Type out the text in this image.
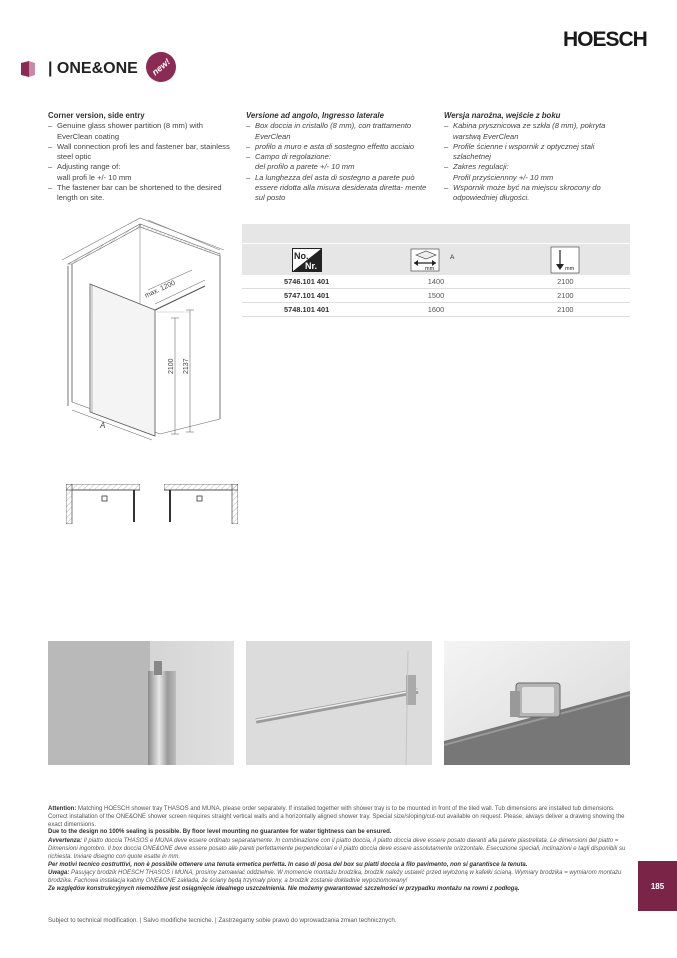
HOESCH
| ONE&ONE	new!
Corner version, side entry
– Genuine glass shower partition (8 mm) with EverClean coating
– Wall connection profi les and fastener bar, stainless steel optic
– Adjusting range of:
wall profi le +/- 10 mm
– The fastener bar can be shortened to the desired length on site.
Versione ad angolo, Ingresso laterale
– Box doccia in cristallo (8 mm), con trattamento EverClean
– profilo a muro e asta di sostegno effetto acciaio
– Campo di regolazione:
del profilo a parete +/- 10 mm
– La lunghezza del asta di sostegno a parete può essere ridotta alla misura desiderata diretta- mente sul posto
Wersja narożna, wejście z boku
– Kabina prysznicowa ze szkła (8 mm), pokryta warstwą EverClean
– Profile ścienne i wspornik z optycznej stali szlachetnej
– Zakres regulacji:
Profil przyściennny +/- 10 mm
– Wspornik może być na miejscu skrocony do odpowiedniej długości.
max. 1200
2100 2137
A
No.
Nr.	mm
A
mm
5746.101 401	1400	2100
5747.101 401	1500	2100
5748.101 401	1600	2100

Attention: Matching HOESCH shower tray THASOS and MUNA, please order separately. If installed together with shower tray is to be mounted in front of the tiled wall. Tub dimensions are installed tub dimensions. Correct installation of the ONE&ONE shower screen requires straight vertical walls and a horizontally aligned shower tray. Special size/sloping/cut-out available on request. Please, always deliver a drawing showing the exact dimensions.
Due to the design no 100% sealing is possible. By floor level mounting no guarantee for water tightness can be ensured.

Avvertenza: Il piatto doccia THASOS e MUNA deve essere ordinato separatamente. In combinazione con il piatto doccia, il piatto doccia deve essere posato davanti alla parete piastrellata. Le dimensioni del piatto = Dimensioni ingombro. Il box doccia ONE&ONE deve essere posato alle pareti perfettamente perpendicolari e il piatto doccia deve essere assolutamente orizzontale. Esecuzione speciali, inclinazioni e tagli disponibili su richiesta. Inviare disegno con quote esatte in mm.
Per motivi tecnico costruttivi, non è possibile ottenere una tenuta ermetica perfetta. In caso di posa del box su piatti doccia a filo pavimento, non si garantisce la tenuta.

Uwaga: Pasujący brodzik HOESCH THASOS i MUNA, prosimy zamawiać oddzielnie. W momencie montażu brodzika, brodzik należy ustawić przed wyłożoną w kafelki ścianą. Wymiary brodzika = wymiarom montażu brodzika. Fachowa instalacja kabiny ONE&ONE zakłada, że ściany będą trzymały piony, a brodzik zostanie dokładnie wypoziomowany!
Ze względów konstrukcyjnych niemożliwe jest osiągnięcie idealnego uszczelnienia. Nie możemy gwarantować szczelności w przypadku montażu na rowni z podłogą.	185
Subject to technical modification. | Salvo modifiche tecniche. | Zastrzegamy sobie prawo do wprowadzania zmian technicznych.
